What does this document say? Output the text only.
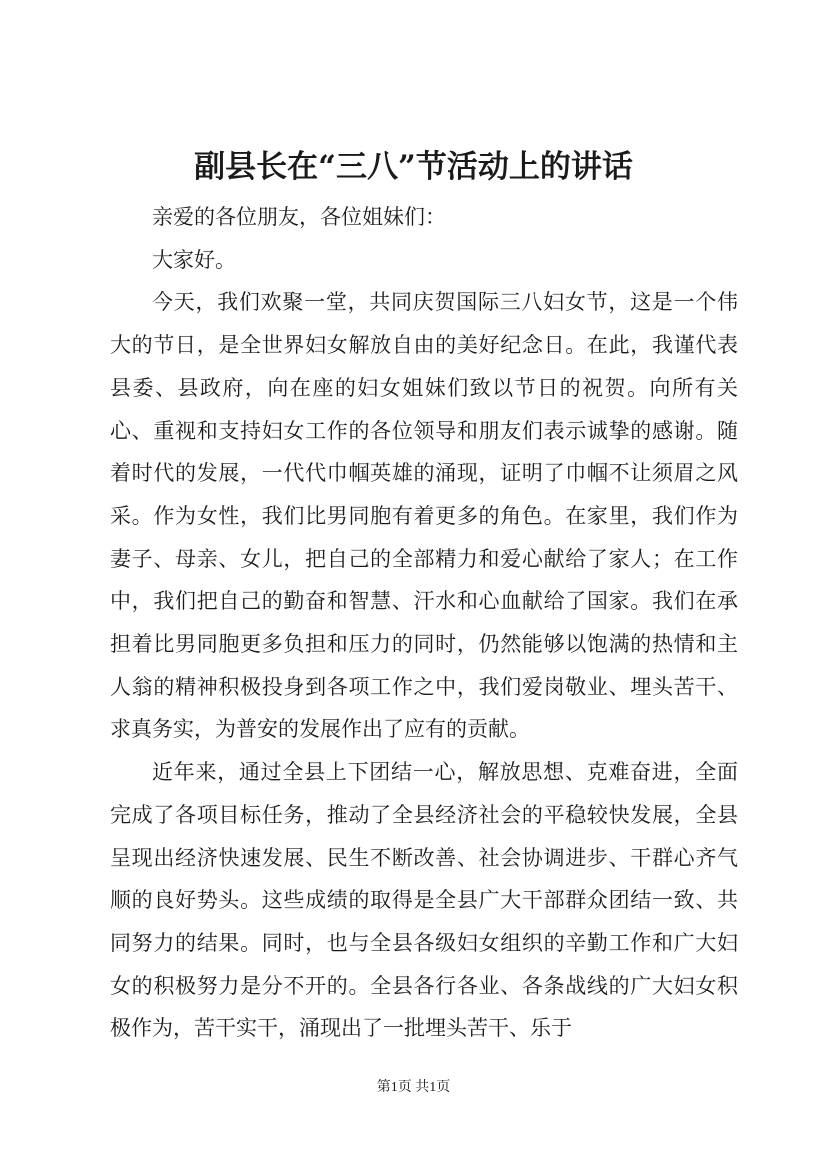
副县长在“三八”节活动上的讲话

亲爱的各位朋友，各位姐妹们：

大家好。

今天，我们欢聚一堂，共同庆贺国际三八妇女节，这是一个伟大的节日，是全世界妇女解放自由的美好纪念日。在此，我谨代表县委、县政府，向在座的妇女姐妹们致以节日的祝贺。向所有关心、重视和支持妇女工作的各位领导和朋友们表示诚挚的感谢。随着时代的发展，一代代巾帼英雄的涌现，证明了巾帼不让须眉之风采。作为女性，我们比男同胞有着更多的角色。在家里，我们作为妻子、母亲、女儿，把自己的全部精力和爱心献给了家人；在工作中，我们把自己的勤奋和智慧、汗水和心血献给了国家。我们在承担着比男同胞更多负担和压力的同时，仍然能够以饱满的热情和主人翁的精神积极投身到各项工作之中，我们爱岗敬业、埋头苦干、求真务实，为普安的发展作出了应有的贡献。

近年来，通过全县上下团结一心，解放思想、克难奋进，全面完成了各项目标任务，推动了全县经济社会的平稳较快发展，全县呈现出经济快速发展、民生不断改善、社会协调进步、干群心齐气顺的良好势头。这些成绩的取得是全县广大干部群众团结一致、共同努力的结果。同时，也与全县各级妇女组织的辛勤工作和广大妇女的积极努力是分不开的。全县各行各业、各条战线的广大妇女积极作为，苦干实干，涌现出了一批埋头苦干、乐于

第1页 共1页
